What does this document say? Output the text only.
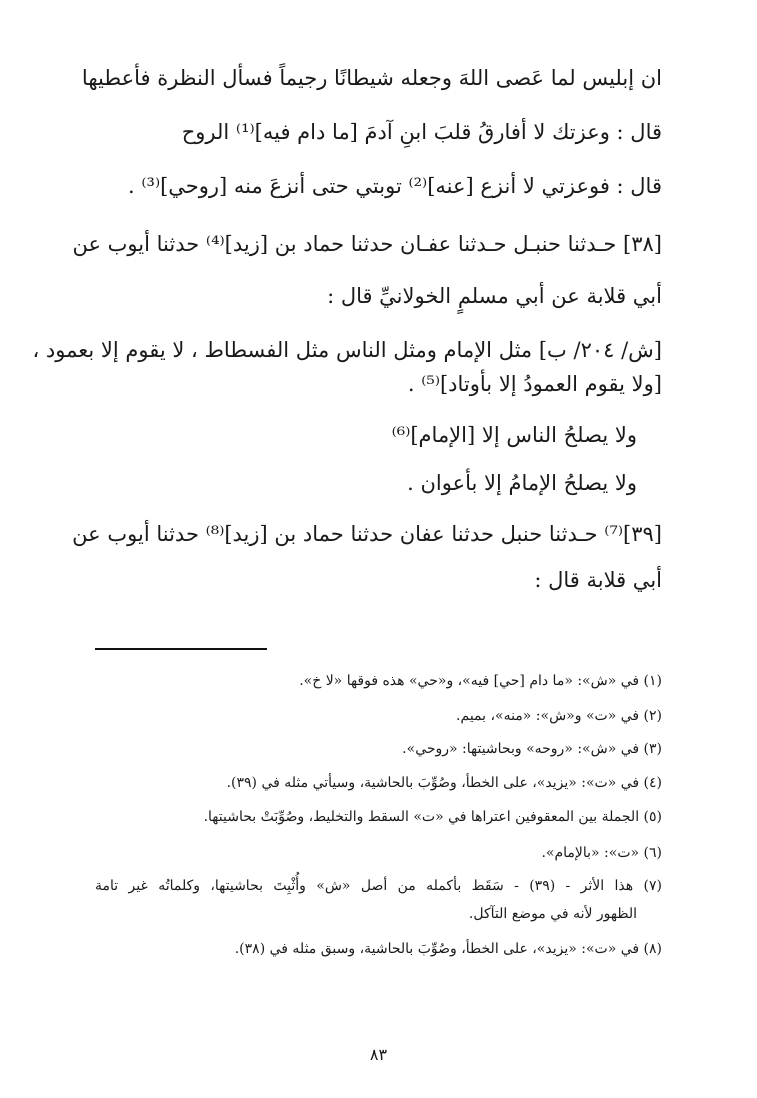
ان إبليس لما عَصى اللهَ وجعله شيطانًا رجيماً فسأل النظرة فأعطيها
قال : وعزتك لا أفارقُ قلبَ ابنِ آدمَ [ما دام فيه]⁽¹⁾ الروح
قال : فوعزتي لا أنزع [عنه]⁽²⁾ توبتي حتى أنزعَ منه [روحي]⁽³⁾ .
[٣٨] حـدثنا حنبـل حـدثنا عفـان حدثنا حماد بن [زيد]⁽⁴⁾ حدثنا أيوب عن
أبي قلابة عن أبي مسلمٍ الخولانيِّ قال :
[ش/ ٢٠٤/ ب] مثل الإمام ومثل الناس مثل الفسطاط ، لا يقوم إلا بعمود ،
[ولا يقوم العمودُ إلا بأوتاد]⁽⁵⁾ .
ولا يصلحُ الناس إلا [الإمام]⁽⁶⁾
ولا يصلحُ الإمامُ إلا بأعوان .
[٣٩]⁽⁷⁾ حـدثنا حنبل حدثنا عفان حدثنا حماد بن [زيد]⁽⁸⁾ حدثنا أيوب عن
أبي قلابة قال :
(١) في «ش»: «ما دام [حي] فيه»، و«حي» هذه فوقها «لا خ».
(٢) في «ت» و«ش»: «منه»، بميم.
(٣) في «ش»: «روحه» وبحاشيتها: «روحي».
(٤) في «ت»: «يزيد»، على الخطأ، وصُوِّبَ بالحاشية، وسيأتي مثله في (٣٩).
(٥) الجملة بين المعقوفين اعتراها في «ت» السقط والتخليط، وصُوِّبَتْ بحاشيتها.
(٦) «ت»: «بالإمام».
(٧) هذا الأثر - (٣٩) - سَقَط بأكمله من أصل «ش» وأُثْبِتَ بحاشيتها، وكلماتُه غير تامة
الظهور لأنه في موضع التآكل.
(٨) في «ت»: «يزيد»، على الخطأ، وصُوِّبَ بالحاشية، وسبق مثله في (٣٨).
٨٣
